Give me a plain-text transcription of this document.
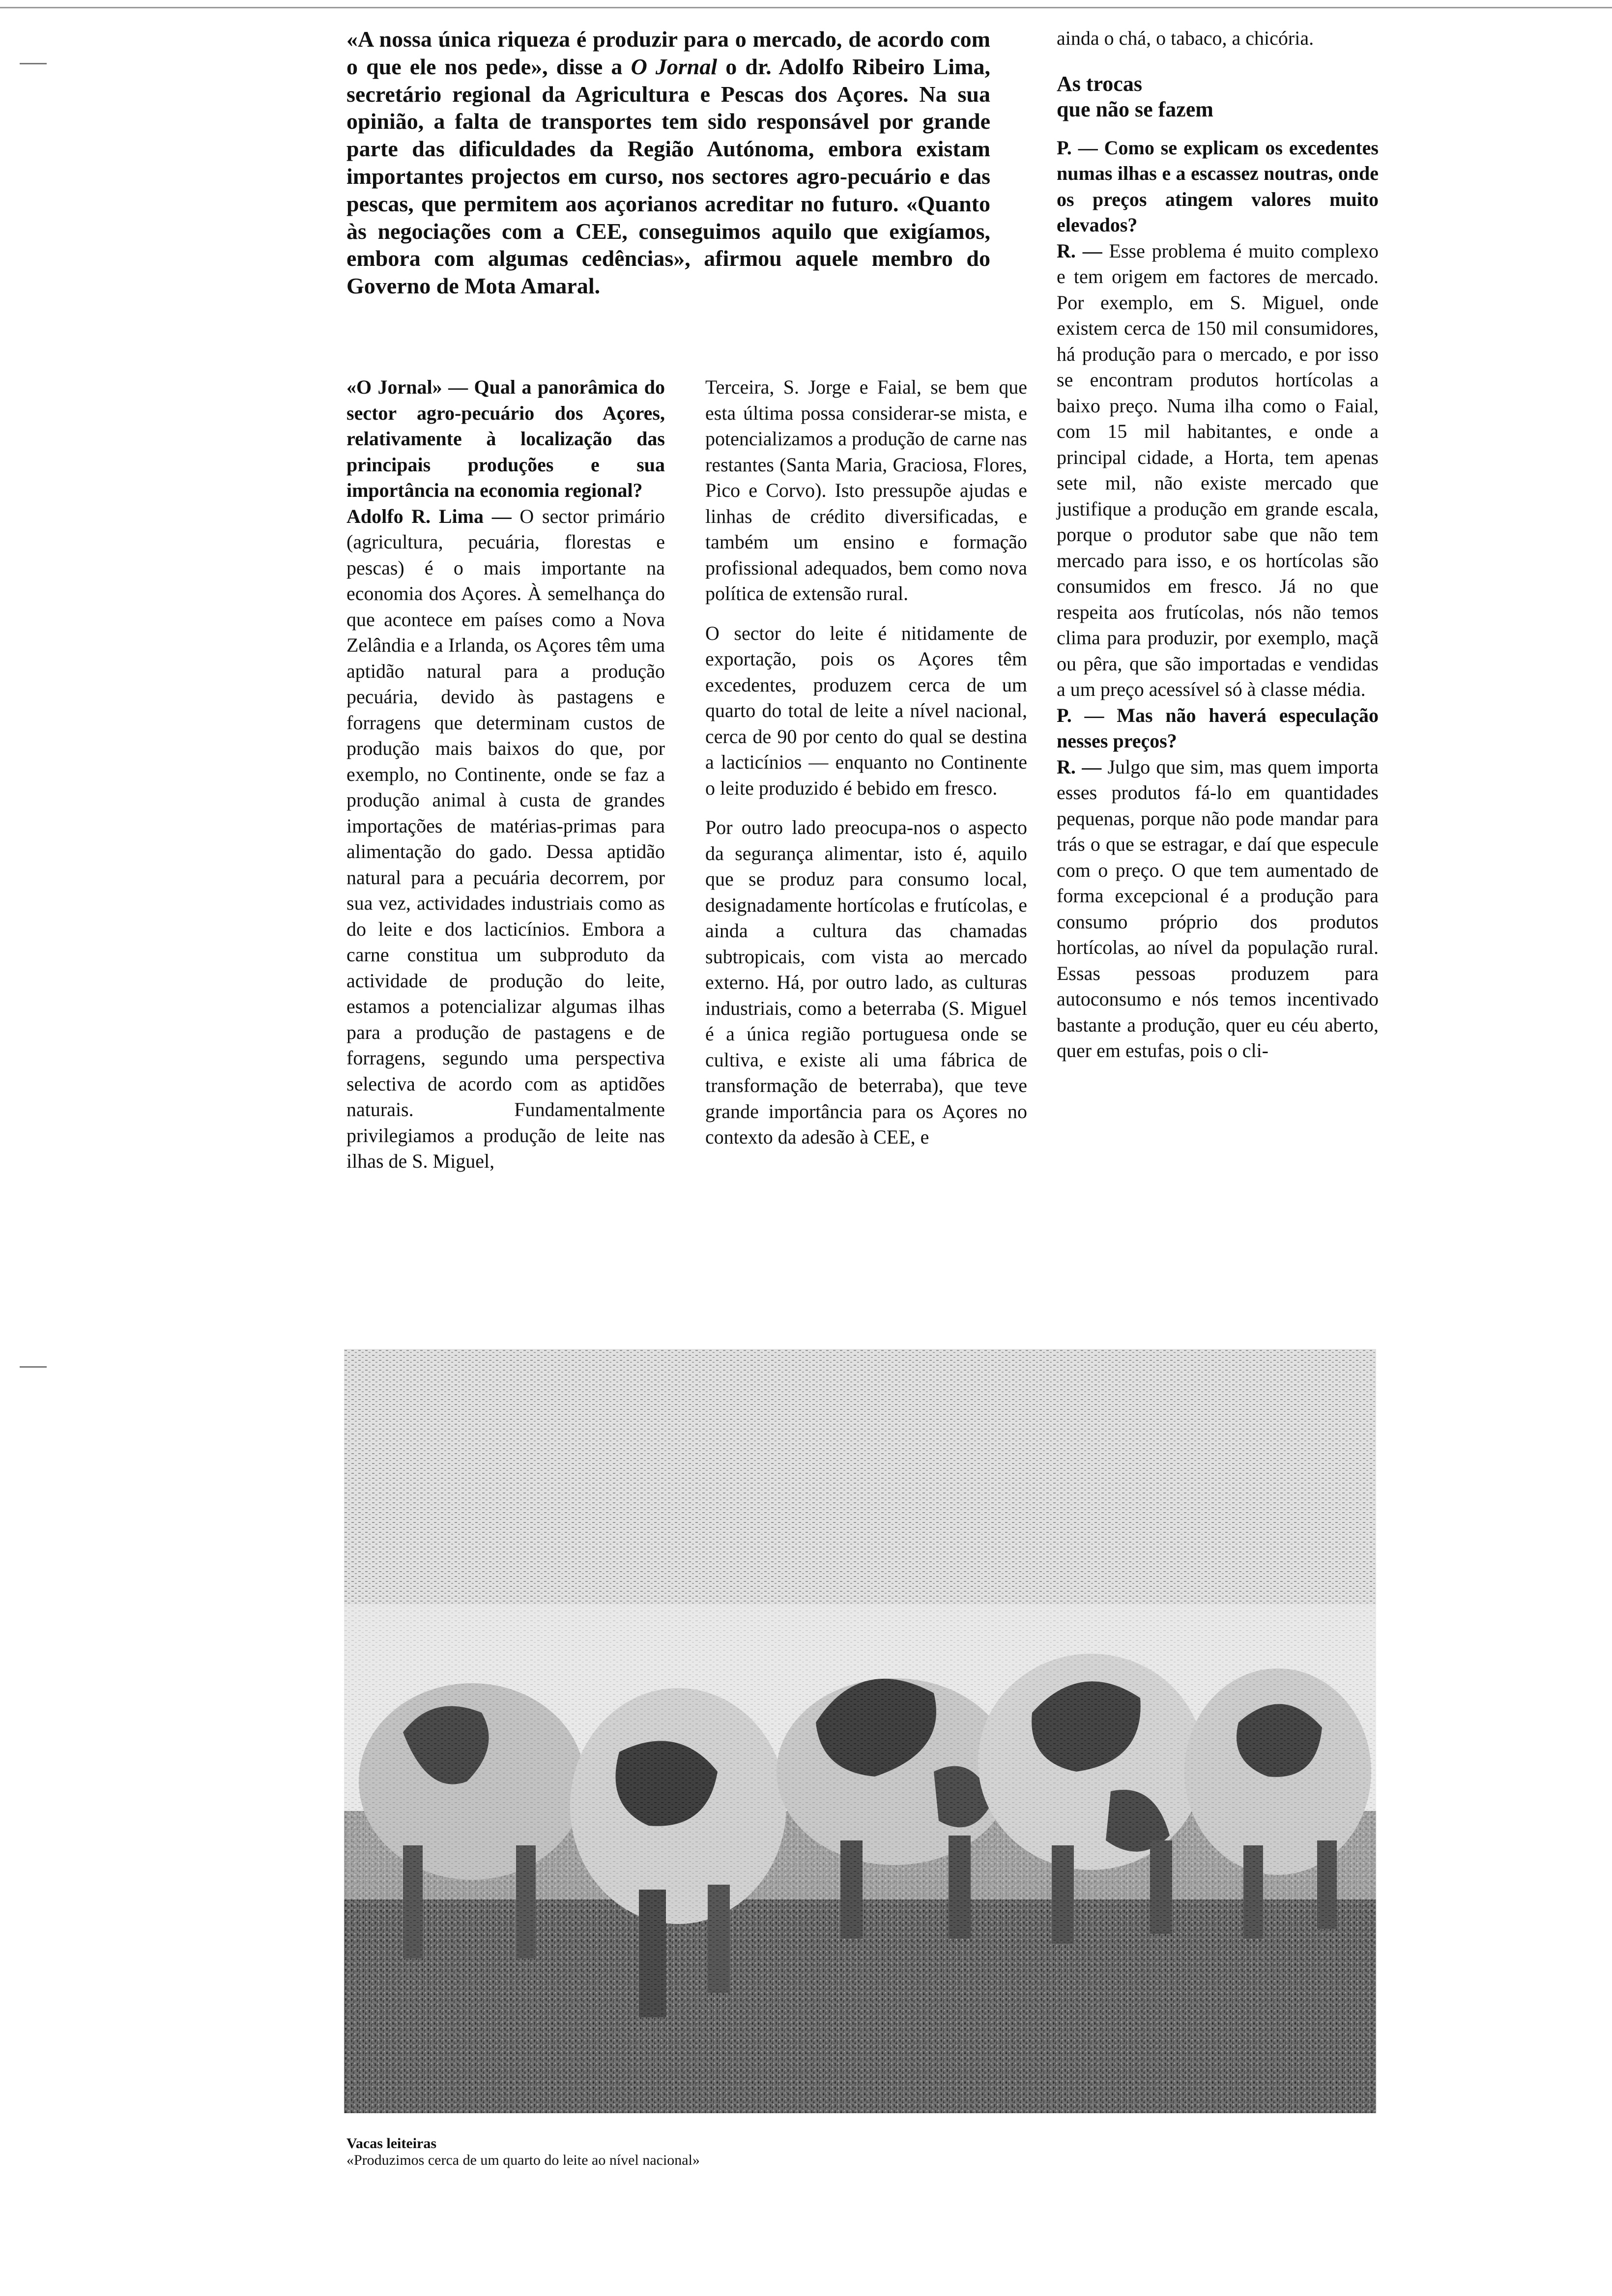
«A nossa única riqueza é produzir para o mercado, de acordo com o que ele nos pede», disse a O Jornal o dr. Adolfo Ribeiro Lima, secretário regional da Agricultura e Pescas dos Açores. Na sua opinião, a falta de transportes tem sido responsável por grande parte das dificuldades da Região Autónoma, embora existam importantes projectos em curso, nos sectores agro-pecuário e das pescas, que permitem aos açorianos acreditar no futuro. «Quanto às negociações com a CEE, conseguimos aquilo que exigíamos, embora com algumas cedências», afirmou aquele membro do Governo de Mota Amaral.

«O Jornal» — Qual a panorâmica do sector agro-pecuário dos Açores, relativamente à localização das principais produções e sua importância na economia regional?

Adolfo R. Lima — O sector primário (agricultura, pecuária, florestas e pescas) é o mais importante na economia dos Açores. À semelhança do que acontece em países como a Nova Zelândia e a Irlanda, os Açores têm uma aptidão natural para a produção pecuária, devido às pastagens e forragens que determinam custos de produção mais baixos do que, por exemplo, no Continente, onde se faz a produção animal à custa de grandes importações de matérias-primas para alimentação do gado. Dessa aptidão natural para a pecuária decorrem, por sua vez, actividades industriais como as do leite e dos lacticínios. Embora a carne constitua um subproduto da actividade de produção do leite, estamos a potencializar algumas ilhas para a produção de pastagens e de forragens, segundo uma perspectiva selectiva de acordo com as aptidões naturais. Fundamentalmente privilegiamos a produção de leite nas ilhas de S. Miguel,

Terceira, S. Jorge e Faial, se bem que esta última possa considerar-se mista, e potencializamos a produção de carne nas restantes (Santa Maria, Graciosa, Flores, Pico e Corvo). Isto pressupõe ajudas e linhas de crédito diversificadas, e também um ensino e formação profissional adequados, bem como nova política de extensão rural.

O sector do leite é nitidamente de exportação, pois os Açores têm excedentes, produzem cerca de um quarto do total de leite a nível nacional, cerca de 90 por cento do qual se destina a lacticínios — enquanto no Continente o leite produzido é bebido em fresco.

Por outro lado preocupa-nos o aspecto da segurança alimentar, isto é, aquilo que se produz para consumo local, designadamente hortícolas e frutícolas, e ainda a cultura das chamadas subtropicais, com vista ao mercado externo. Há, por outro lado, as culturas industriais, como a beterraba (S. Miguel é a única região portuguesa onde se cultiva, e existe ali uma fábrica de transformação de beterraba), que teve grande importância para os Açores no contexto da adesão à CEE, e

ainda o chá, o tabaco, a chicória.

As trocas
que não se fazem

P. — Como se explicam os excedentes numas ilhas e a escassez noutras, onde os preços atingem valores muito elevados?

R. — Esse problema é muito complexo e tem origem em factores de mercado. Por exemplo, em S. Miguel, onde existem cerca de 150 mil consumidores, há produção para o mercado, e por isso se encontram produtos hortícolas a baixo preço. Numa ilha como o Faial, com 15 mil habitantes, e onde a principal cidade, a Horta, tem apenas sete mil, não existe mercado que justifique a produção em grande escala, porque o produtor sabe que não tem mercado para isso, e os hortícolas são consumidos em fresco. Já no que respeita aos frutícolas, nós não temos clima para produzir, por exemplo, maçã ou pêra, que são importadas e vendidas a um preço acessível só à classe média.

P. — Mas não haverá especulação nesses preços?

R. — Julgo que sim, mas quem importa esses produtos fá-lo em quantidades pequenas, porque não pode mandar para trás o que se estragar, e daí que especule com o preço. O que tem aumentado de forma excepcional é a produção para consumo próprio dos produtos hortícolas, ao nível da população rural. Essas pessoas produzem para autoconsumo e nós temos incentivado bastante a produção, quer eu céu aberto, quer em estufas, pois o cli-

Vacas leiteiras
«Produzimos cerca de um quarto do leite ao nível nacional»
